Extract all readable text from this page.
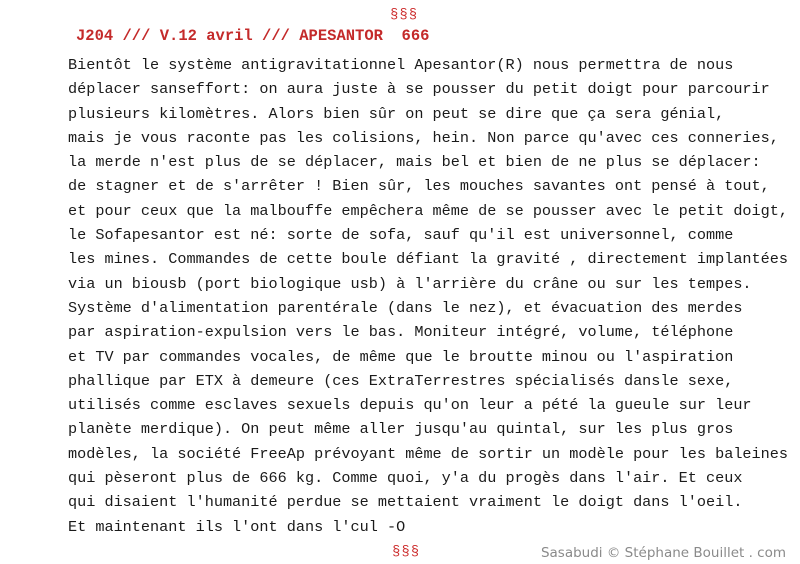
§§§
J204 /// V.12 avril /// APESANTOR  666
Bientôt le système antigravitationnel Apesantor(R) nous permettra de nous
déplacer sanseffort: on aura juste à se pousser du petit doigt pour parcourir
plusieurs kilomètres. Alors bien sûr on peut se dire que ça sera génial,
mais je vous raconte pas les colisions, hein. Non parce qu'avec ces conneries,
la merde n'est plus de se déplacer, mais bel et bien de ne plus se déplacer:
de stagner et de s'arrêter ! Bien sûr, les mouches savantes ont pensé à tout,
et pour ceux que la malbouffe empêchera même de se pousser avec le petit doigt,
le Sofapesantor est né: sorte de sofa, sauf qu'il est universonnel, comme
les mines. Commandes de cette boule défiant la gravité , directement implantées
via un biousb (port biologique usb) à l'arrière du crâne ou sur les tempes.
Système d'alimentation parentérale (dans le nez), et évacuation des merdes
par aspiration-expulsion vers le bas. Moniteur intégré, volume, téléphone
et TV par commandes vocales, de même que le broutte minou ou l'aspiration
phallique par ETX à demeure (ces ExtraTerrestres spécialisés dansle sexe,
utilisés comme esclaves sexuels depuis qu'on leur a pété la gueule sur leur
planète merdique). On peut même aller jusqu'au quintal, sur les plus gros
modèles, la société FreeAp prévoyant même de sortir un modèle pour les baleines
qui pèseront plus de 666 kg. Comme quoi, y'a du progès dans l'air. Et ceux
qui disaient l'humanité perdue se mettaient vraiment le doigt dans l'oeil.
Et maintenant ils l'ont dans l'cul -O
§§§	Sasabudi © Stéphane Bouillet . com
